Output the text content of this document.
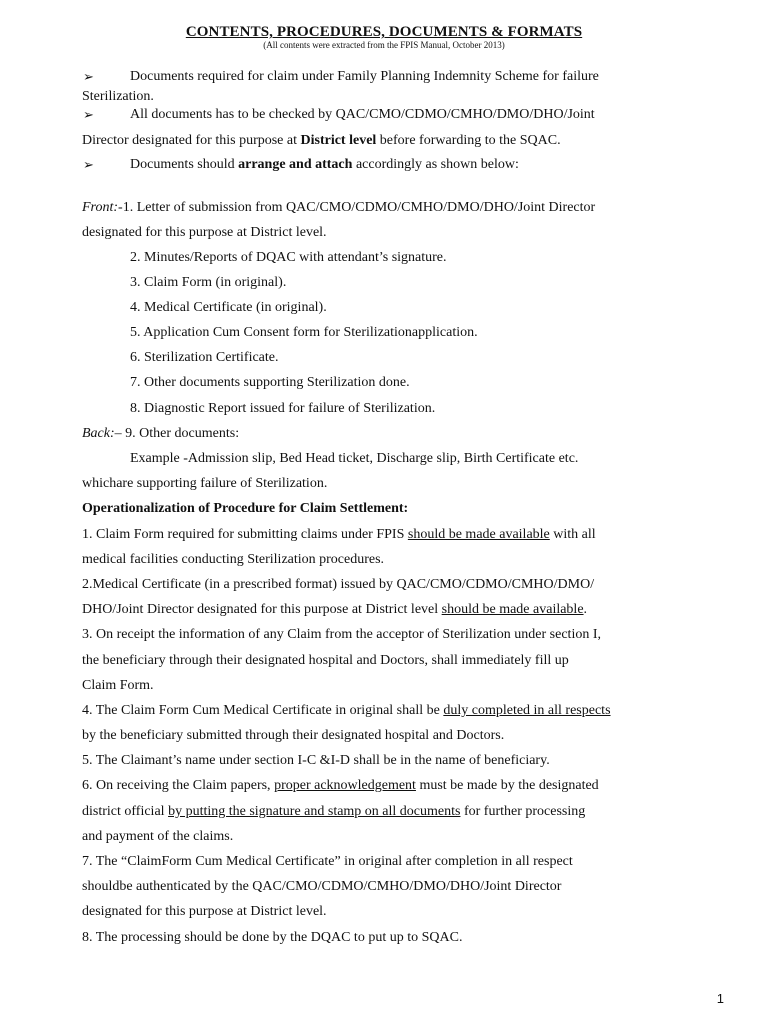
CONTENTS, PROCEDURES, DOCUMENTS & FORMATS
(All contents were extracted from the FPIS Manual, October 2013)
➢	Documents required for claim under Family Planning Indemnity Scheme for failure
Sterilization.
➢	All documents has to be checked by QAC/CMO/CDMO/CMHO/DMO/DHO/Joint
Director designated for this purpose at District level before forwarding to the SQAC.
➢	Documents should arrange and attach accordingly as shown below:
Front:-1. Letter of submission from QAC/CMO/CDMO/CMHO/DMO/DHO/Joint Director
designated for this purpose at District level.
2. Minutes/Reports of DQAC with attendant’s signature.
3. Claim Form (in original).
4. Medical Certificate (in original).
5. Application Cum Consent form for Sterilizationapplication.
6. Sterilization Certificate.
7. Other documents supporting Sterilization done.
8. Diagnostic Report issued for failure of Sterilization.
Back:– 9. Other documents:
Example -Admission slip, Bed Head ticket, Discharge slip, Birth Certificate etc.
whichare supporting failure of Sterilization.
Operationalization of Procedure for Claim Settlement:
1. Claim Form required for submitting claims under FPIS should be made available with all
medical facilities conducting Sterilization procedures.
2.Medical Certificate (in a prescribed format) issued by QAC/CMO/CDMO/CMHO/DMO/
DHO/Joint Director designated for this purpose at District level should be made available.
3. On receipt the information of any Claim from the acceptor of Sterilization under section I,
the beneficiary through their designated hospital and Doctors, shall immediately fill up
Claim Form.
4. The Claim Form Cum Medical Certificate in original shall be duly completed in all respects
by the beneficiary submitted through their designated hospital and Doctors.
5. The Claimant’s name under section I-C &I-D shall be in the name of beneficiary.
6. On receiving the Claim papers, proper acknowledgement must be made by the designated
district official by putting the signature and stamp on all documents for further processing
and payment of the claims.
7. The “ClaimForm Cum Medical Certificate” in original after completion in all respect
shouldbe authenticated by the QAC/CMO/CDMO/CMHO/DMO/DHO/Joint Director
designated for this purpose at District level.
8. The processing should be done by the DQAC to put up to SQAC.
1
